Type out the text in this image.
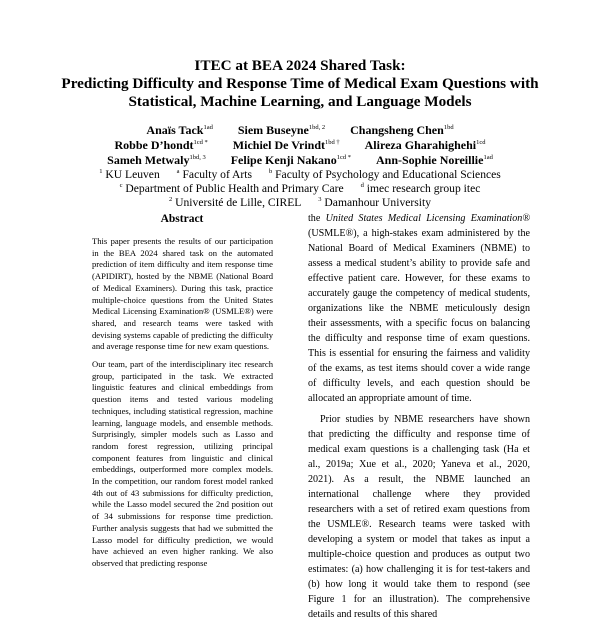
ITEC at BEA 2024 Shared Task:
Predicting Difficulty and Response Time of Medical Exam Questions with
Statistical, Machine Learning, and Language Models
Anaïs Tack$^{1ad}$ Siem Buseyne$^{1bd, 2}$ Changsheng Chen$^{1bd}$
Robbe D’hondt$^{1cd *}$ Michiel De Vrindt$^{1bd \dagger}$ Alireza Gharahighehi$^{1cd}$
Sameh Metwaly$^{1bd, 3}$ Felipe Kenji Nakano$^{1cd *}$ Ann-Sophie Noreillie$^{1ad}$
$^1$ KU Leuven	$^a$ Faculty of Arts	$^b$ Faculty of Psychology and Educational Sciences
$^c$ Department of Public Health and Primary Care	$^d$ imec research group itec
$^2$ Université de Lille, CIREL	$^3$ Damanhour University
Abstract

This paper presents the results of our participation in the BEA 2024 shared task on the automated prediction of item difficulty and item response time (APIDIRT), hosted by the NBME (National Board of Medical Examiners). During this task, practice multiple-choice questions from the United States Medical Licensing Examination® (USMLE®) were shared, and research teams were tasked with devising systems capable of predicting the difficulty and average response time for new exam questions.

Our team, part of the interdisciplinary itec research group, participated in the task. We extracted linguistic features and clinical embeddings from question items and tested various modeling techniques, including statistical regression, machine learning, language models, and ensemble methods. Surprisingly, simpler models such as Lasso and random forest regression, utilizing principal component features from linguistic and clinical embeddings, outperformed more complex models. In the competition, our random forest model ranked 4th out of 43 submissions for difficulty prediction, while the Lasso model secured the 2nd position out of 34 submissions for response time prediction. Further analysis suggests that had we submitted the Lasso model for difficulty prediction, we would have achieved an even higher ranking. We also observed that predicting response

the United States Medical Licensing Examination® (USMLE®), a high-stakes exam administered by the National Board of Medical Examiners (NBME) to assess a medical student’s ability to provide safe and effective patient care. However, for these exams to accurately gauge the competency of medical students, organizations like the NBME meticulously design their assessments, with a specific focus on balancing the difficulty and response time of exam questions. This is essential for ensuring the fairness and validity of the exams, as test items should cover a wide range of difficulty levels, and each question should be allocated an appropriate amount of time.

Prior studies by NBME researchers have shown that predicting the difficulty and response time of medical exam questions is a challenging task (Ha et al., 2019a; Xue et al., 2020; Yaneva et al., 2020, 2021). As a result, the NBME launched an international challenge where they provided researchers with a set of retired exam questions from the USMLE®. Research teams were tasked with developing a system or model that takes as input a multiple-choice question and produces as output two estimates: (a) how challenging it is for test-takers and (b) how long it would take them to respond (see Figure 1 for an illustration). The comprehensive details and results of this shared
